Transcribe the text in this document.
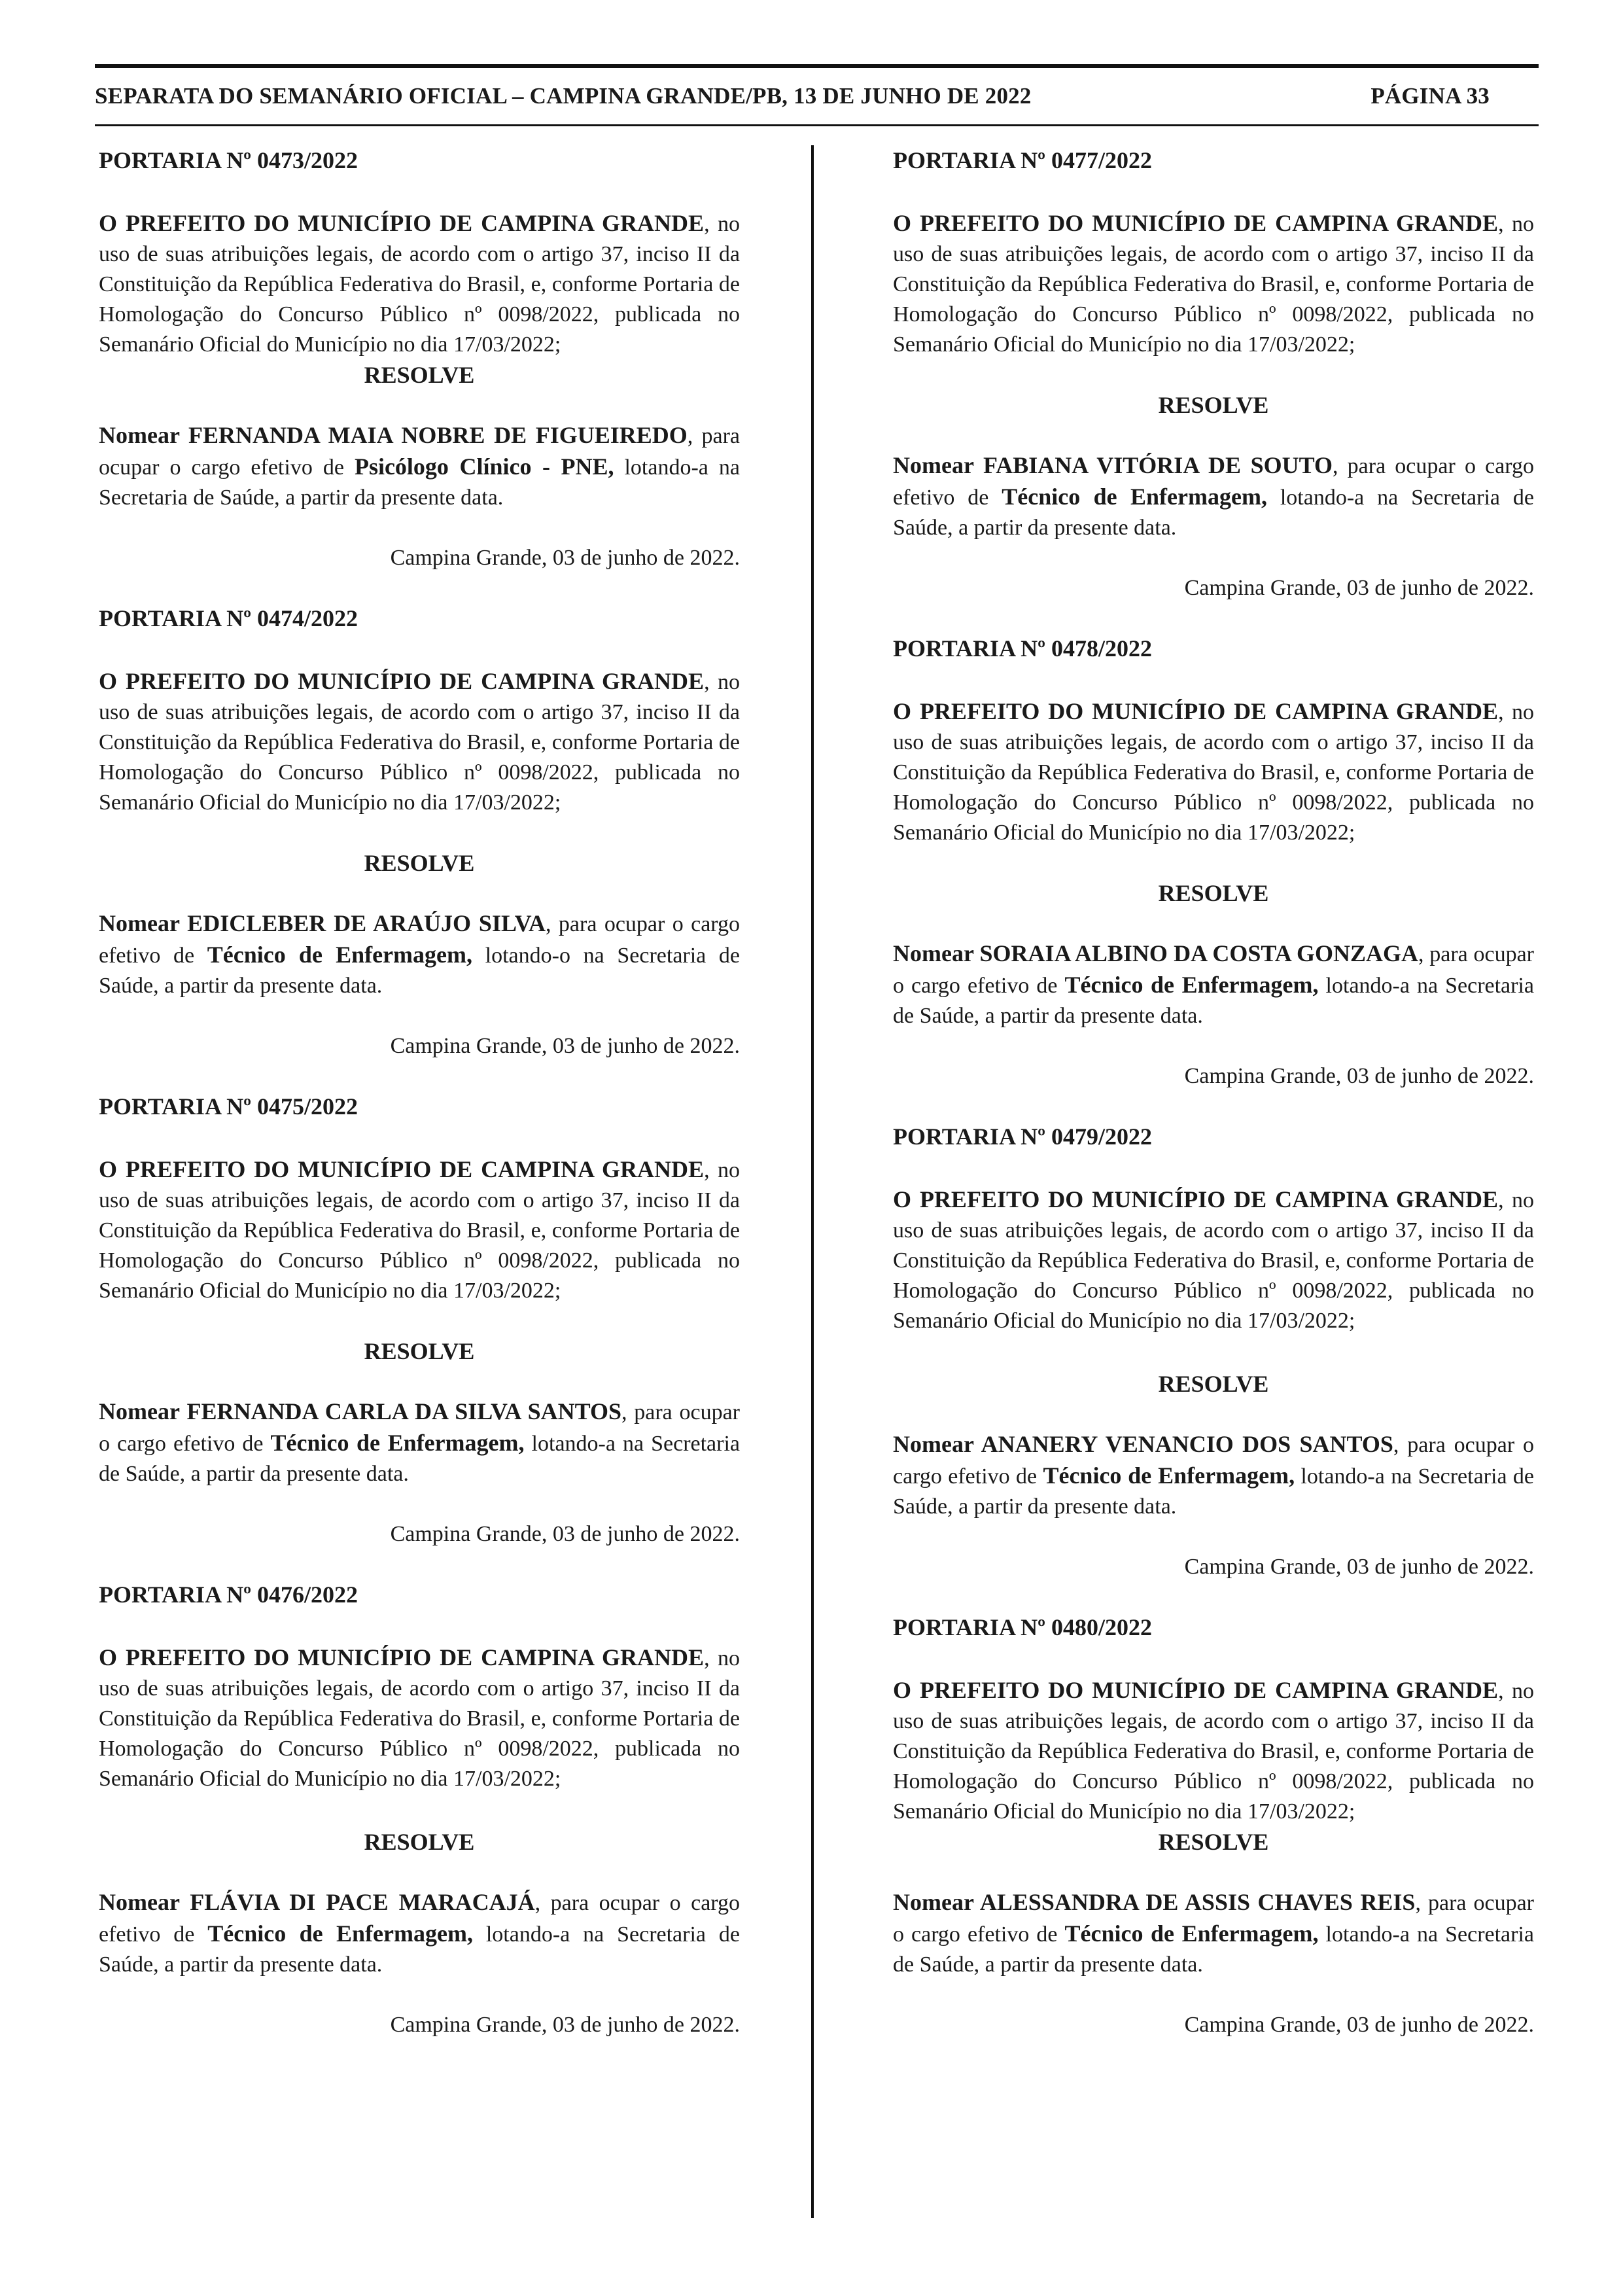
SEPARATA DO SEMANÁRIO OFICIAL – CAMPINA GRANDE/PB, 13 DE JUNHO DE 2022	PÁGINA 33

PORTARIA Nº 0473/2022

O PREFEITO DO MUNICÍPIO DE CAMPINA GRANDE, no uso de suas atribuições legais, de acordo com o artigo 37, inciso II da Constituição da República Federativa do Brasil, e, conforme Portaria de Homologação do Concurso Público nº 0098/2022, publicada no Semanário Oficial do Município no dia 17/03/2022;

RESOLVE

Nomear FERNANDA MAIA NOBRE DE FIGUEIREDO, para ocupar o cargo efetivo de Psicólogo Clínico - PNE, lotando-a na Secretaria de Saúde, a partir da presente data.

Campina Grande, 03 de junho de 2022.

PORTARIA Nº 0474/2022

O PREFEITO DO MUNICÍPIO DE CAMPINA GRANDE, no uso de suas atribuições legais, de acordo com o artigo 37, inciso II da Constituição da República Federativa do Brasil, e, conforme Portaria de Homologação do Concurso Público nº 0098/2022, publicada no Semanário Oficial do Município no dia 17/03/2022;

RESOLVE

Nomear EDICLEBER DE ARAÚJO SILVA, para ocupar o cargo efetivo de Técnico de Enfermagem, lotando-o na Secretaria de Saúde, a partir da presente data.

Campina Grande, 03 de junho de 2022.

PORTARIA Nº 0475/2022

O PREFEITO DO MUNICÍPIO DE CAMPINA GRANDE, no uso de suas atribuições legais, de acordo com o artigo 37, inciso II da Constituição da República Federativa do Brasil, e, conforme Portaria de Homologação do Concurso Público nº 0098/2022, publicada no Semanário Oficial do Município no dia 17/03/2022;

RESOLVE

Nomear FERNANDA CARLA DA SILVA SANTOS, para ocupar o cargo efetivo de Técnico de Enfermagem, lotando-a na Secretaria de Saúde, a partir da presente data.

Campina Grande, 03 de junho de 2022.

PORTARIA Nº 0476/2022

O PREFEITO DO MUNICÍPIO DE CAMPINA GRANDE, no uso de suas atribuições legais, de acordo com o artigo 37, inciso II da Constituição da República Federativa do Brasil, e, conforme Portaria de Homologação do Concurso Público nº 0098/2022, publicada no Semanário Oficial do Município no dia 17/03/2022;

RESOLVE

Nomear FLÁVIA DI PACE MARACAJÁ, para ocupar o cargo efetivo de Técnico de Enfermagem, lotando-a na Secretaria de Saúde, a partir da presente data.

Campina Grande, 03 de junho de 2022.

PORTARIA Nº 0477/2022

O PREFEITO DO MUNICÍPIO DE CAMPINA GRANDE, no uso de suas atribuições legais, de acordo com o artigo 37, inciso II da Constituição da República Federativa do Brasil, e, conforme Portaria de Homologação do Concurso Público nº 0098/2022, publicada no Semanário Oficial do Município no dia 17/03/2022;

RESOLVE

Nomear FABIANA VITÓRIA DE SOUTO, para ocupar o cargo efetivo de Técnico de Enfermagem, lotando-a na Secretaria de Saúde, a partir da presente data.

Campina Grande, 03 de junho de 2022.

PORTARIA Nº 0478/2022

O PREFEITO DO MUNICÍPIO DE CAMPINA GRANDE, no uso de suas atribuições legais, de acordo com o artigo 37, inciso II da Constituição da República Federativa do Brasil, e, conforme Portaria de Homologação do Concurso Público nº 0098/2022, publicada no Semanário Oficial do Município no dia 17/03/2022;

RESOLVE

Nomear SORAIA ALBINO DA COSTA GONZAGA, para ocupar o cargo efetivo de Técnico de Enfermagem, lotando-a na Secretaria de Saúde, a partir da presente data.

Campina Grande, 03 de junho de 2022.

PORTARIA Nº 0479/2022

O PREFEITO DO MUNICÍPIO DE CAMPINA GRANDE, no uso de suas atribuições legais, de acordo com o artigo 37, inciso II da Constituição da República Federativa do Brasil, e, conforme Portaria de Homologação do Concurso Público nº 0098/2022, publicada no Semanário Oficial do Município no dia 17/03/2022;

RESOLVE

Nomear ANANERY VENANCIO DOS SANTOS, para ocupar o cargo efetivo de Técnico de Enfermagem, lotando-a na Secretaria de Saúde, a partir da presente data.

Campina Grande, 03 de junho de 2022.

PORTARIA Nº 0480/2022

O PREFEITO DO MUNICÍPIO DE CAMPINA GRANDE, no uso de suas atribuições legais, de acordo com o artigo 37, inciso II da Constituição da República Federativa do Brasil, e, conforme Portaria de Homologação do Concurso Público nº 0098/2022, publicada no Semanário Oficial do Município no dia 17/03/2022;

RESOLVE

Nomear ALESSANDRA DE ASSIS CHAVES REIS, para ocupar o cargo efetivo de Técnico de Enfermagem, lotando-a na Secretaria de Saúde, a partir da presente data.

Campina Grande, 03 de junho de 2022.
